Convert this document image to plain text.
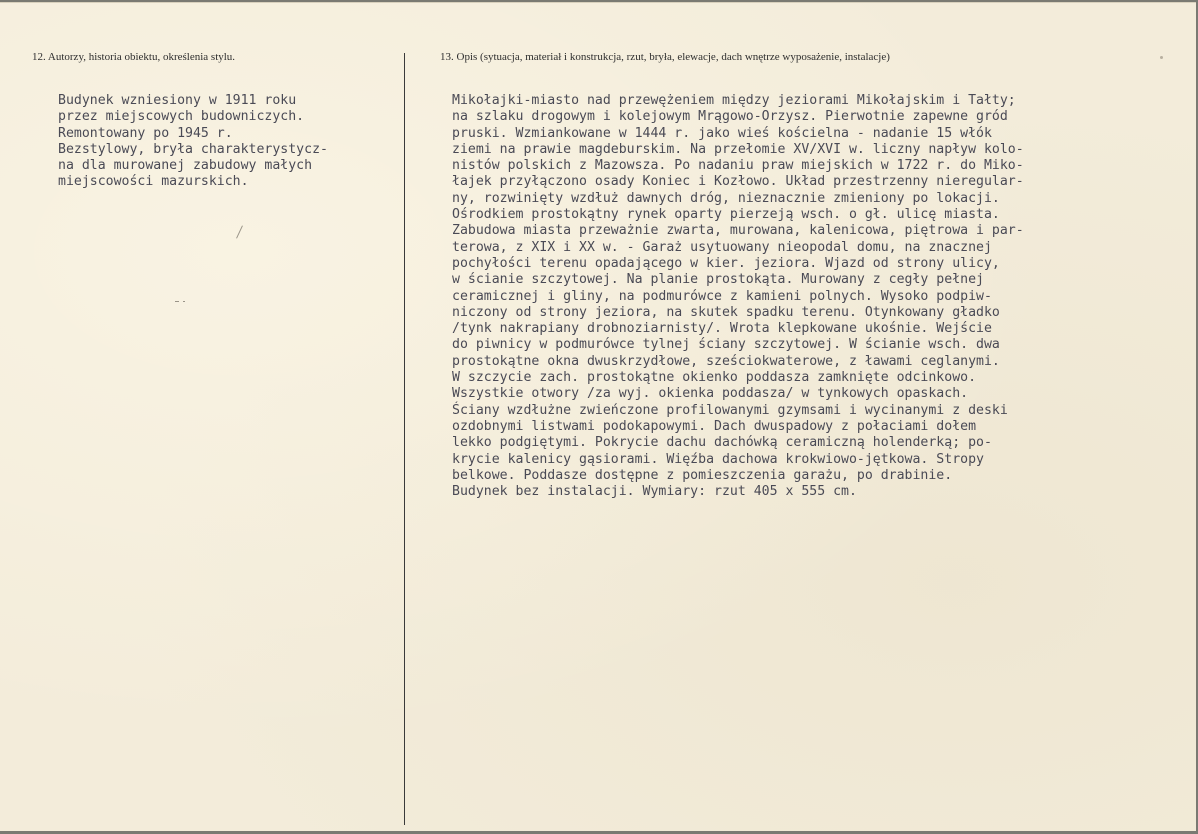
12. Autorzy, historia obiektu, określenia stylu.	13. Opis (sytuacja, materiał i konstrukcja, rzut, bryła, elewacje, dach wnętrze wyposażenie, instalacje)
Budynek wzniesiony w 1911 roku
przez miejscowych budowniczych.
Remontowany po 1945 r.
Bezstylowy, bryła charakterystycz-
na dla murowanej zabudowy małych
miejscowości mazurskich.
Mikołajki-miasto nad przewężeniem między jeziorami Mikołajskim i Tałty;
na szlaku drogowym i kolejowym Mrągowo-Orzysz. Pierwotnie zapewne gród
pruski. Wzmiankowane w 1444 r. jako wieś kościelna - nadanie 15 włók
ziemi na prawie magdeburskim. Na przełomie XV/XVI w. liczny napływ kolo-
nistów polskich z Mazowsza. Po nadaniu praw miejskich w 1722 r. do Miko-
łajek przyłączono osady Koniec i Kozłowo. Układ przestrzenny nieregular-
ny, rozwinięty wzdłuż dawnych dróg, nieznacznie zmieniony po lokacji.
Ośrodkiem prostokątny rynek oparty pierzeją wsch. o gł. ulicę miasta.
Zabudowa miasta przeważnie zwarta, murowana, kalenicowa, piętrowa i par-
terowa, z XIX i XX w. - Garaż usytuowany nieopodal domu, na znacznej
pochyłości terenu opadającego w kier. jeziora. Wjazd od strony ulicy,
w ścianie szczytowej. Na planie prostokąta. Murowany z cegły pełnej
ceramicznej i gliny, na podmurówce z kamieni polnych. Wysoko podpiw-
niczony od strony jeziora, na skutek spadku terenu. Otynkowany gładko
/tynk nakrapiany drobnoziarnisty/. Wrota klepkowane ukośnie. Wejście
do piwnicy w podmurówce tylnej ściany szczytowej. W ścianie wsch. dwa
prostokątne okna dwuskrzydłowe, sześciokwaterowe, z ławami ceglanymi.
W szczycie zach. prostokątne okienko poddasza zamknięte odcinkowo.
Wszystkie otwory /za wyj. okienka poddasza/ w tynkowych opaskach.
Ściany wzdłużne zwieńczone profilowanymi gzymsami i wycinanymi z deski
ozdobnymi listwami podokapowymi. Dach dwuspadowy z połaciami dołem
lekko podgiętymi. Pokrycie dachu dachówką ceramiczną holenderką; po-
krycie kalenicy gąsiorami. Więźba dachowa krokwiowo-jętkowa. Stropy
belkowe. Poddasze dostępne z pomieszczenia garażu, po drabinie.
Budynek bez instalacji. Wymiary: rzut 405 x 555 cm.
